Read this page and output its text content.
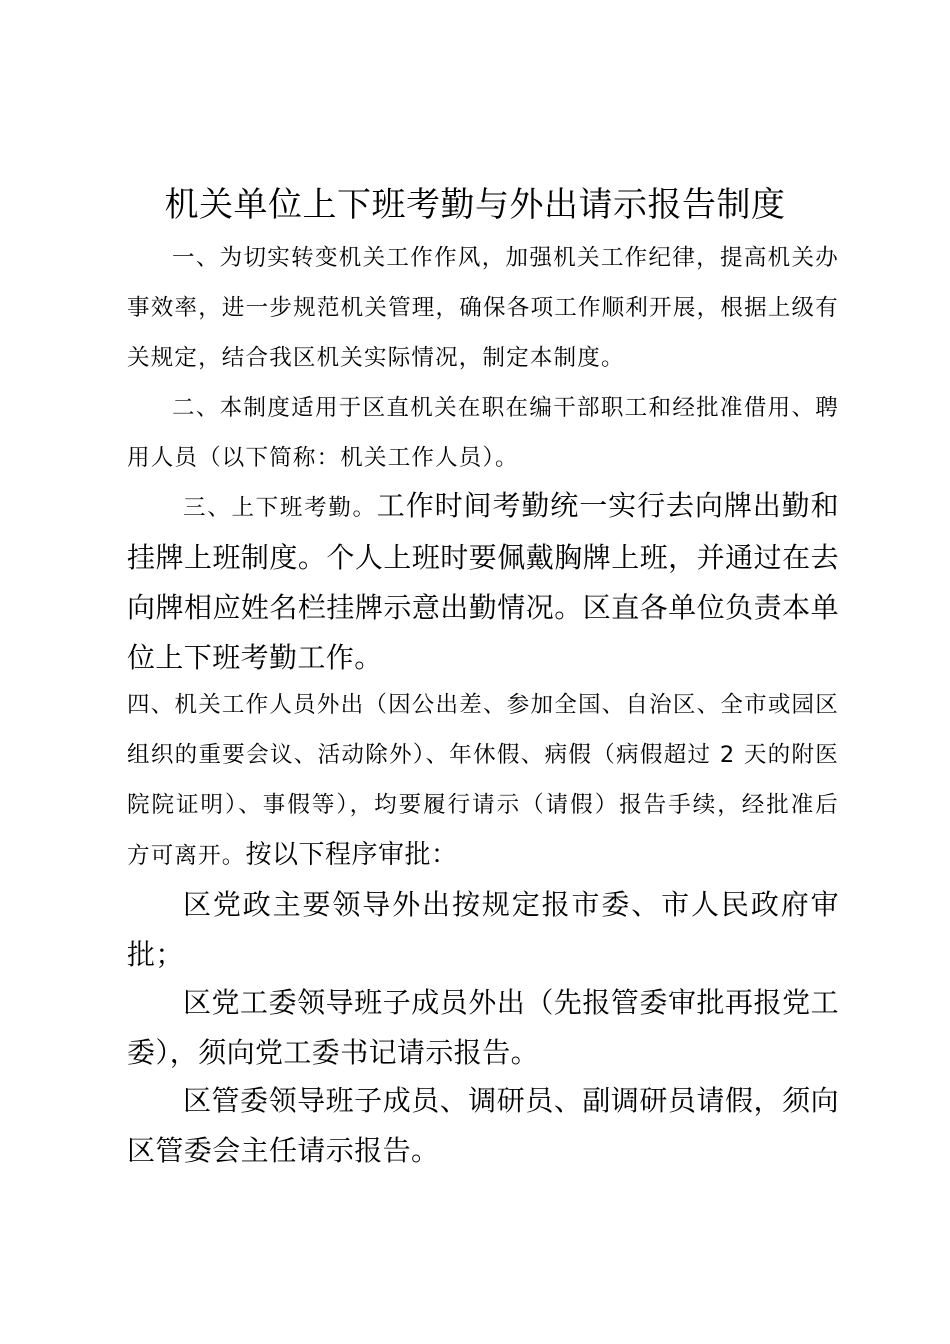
机关单位上下班考勤与外出请示报告制度

一、为切实转变机关工作作风，加强机关工作纪律，提高机关办事效率，进一步规范机关管理，确保各项工作顺利开展，根据上级有关规定，结合我区机关实际情况，制定本制度。

二、本制度适用于区直机关在职在编干部职工和经批准借用、聘用人员（以下简称：机关工作人员）。

三、上下班考勤。工作时间考勤统一实行去向牌出勤和挂牌上班制度。个人上班时要佩戴胸牌上班，并通过在去向牌相应姓名栏挂牌示意出勤情况。区直各单位负责本单位上下班考勤工作。

四、机关工作人员外出（因公出差、参加全国、自治区、全市或园区组织的重要会议、活动除外）、年休假、病假（病假超过 2 天的附医院院证明）、事假等），均要履行请示（请假）报告手续，经批准后方可离开。按以下程序审批：

区党政主要领导外出按规定报市委、市人民政府审批；

区党工委领导班子成员外出（先报管委审批再报党工委），须向党工委书记请示报告。

区管委领导班子成员、调研员、副调研员请假，须向区管委会主任请示报告。
